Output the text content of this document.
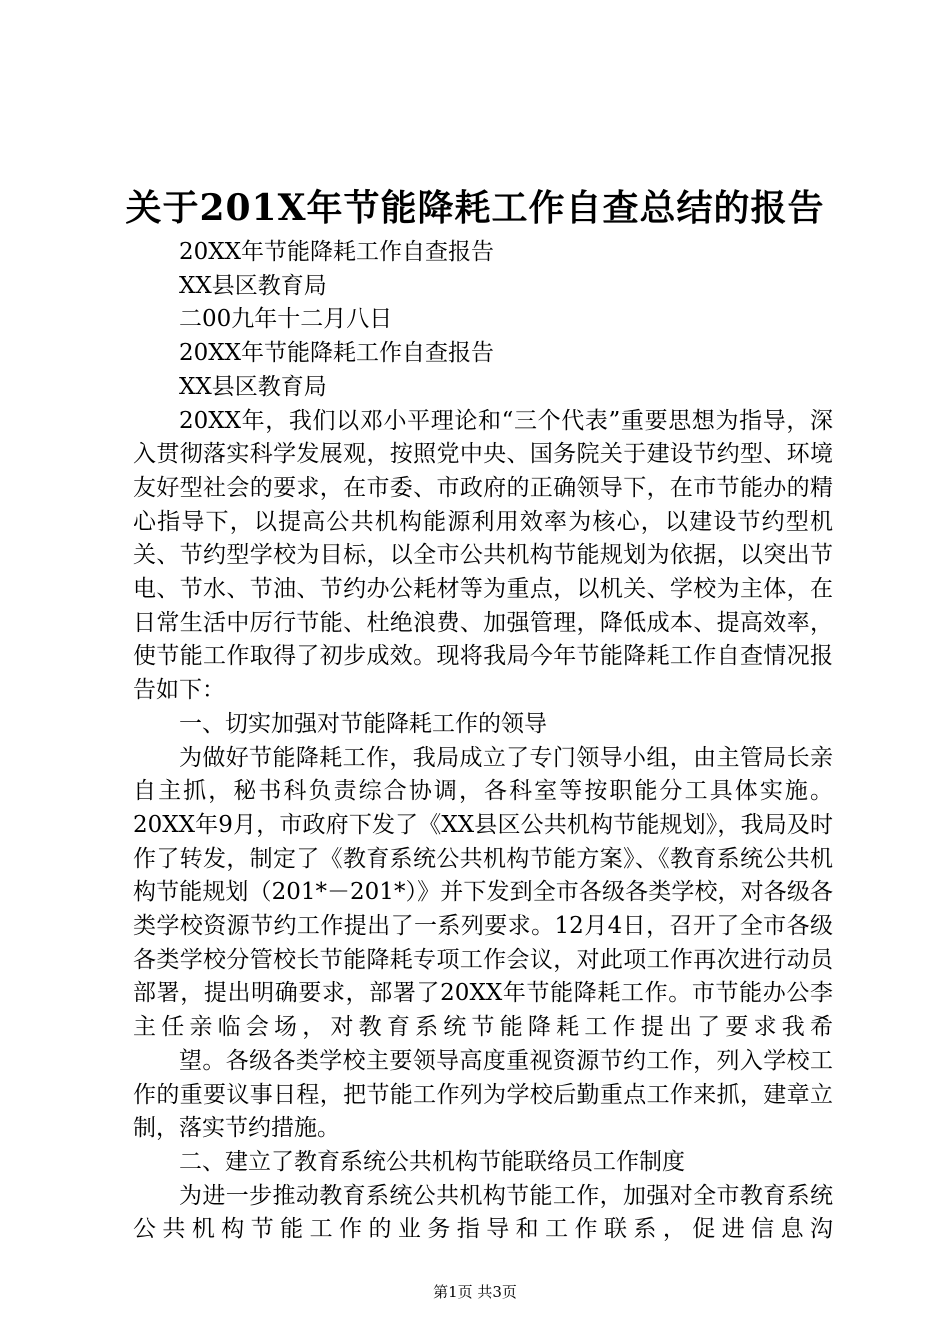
关于201X年节能降耗工作自查总结的报告

20XX年节能降耗工作自查报告

XX县区教育局

二00九年十二月八日

20XX年节能降耗工作自查报告

XX县区教育局

20XX年，我们以邓小平理论和“三个代表”重要思想为指导，深入贯彻落实科学发展观，按照党中央、国务院关于建设节约型、环境友好型社会的要求，在市委、市政府的正确领导下，在市节能办的精心指导下，以提高公共机构能源利用效率为核心，以建设节约型机关、节约型学校为目标，以全市公共机构节能规划为依据，以突出节电、节水、节油、节约办公耗材等为重点，以机关、学校为主体，在日常生活中厉行节能、杜绝浪费、加强管理，降低成本、提高效率，使节能工作取得了初步成效。现将我局今年节能降耗工作自查情况报告如下：

一、切实加强对节能降耗工作的领导

为做好节能降耗工作，我局成立了专门领导小组，由主管局长亲自主抓，秘书科负责综合协调，各科室等按职能分工具体实施。20XX年9月，市政府下发了《XX县区公共机构节能规划》，我局及时作了转发，制定了《教育系统公共机构节能方案》、《教育系统公共机构节能规划（201*－201*）》并下发到全市各级各类学校，对各级各类学校资源节约工作提出了一系列要求。12月4日，召开了全市各级各类学校分管校长节能降耗专项工作会议，对此项工作再次进行动员部署，提出明确要求，部署了20XX年节能降耗工作。市节能办公李主任亲临会场，对教育系统节能降耗工作提出了要求我希

望。各级各类学校主要领导高度重视资源节约工作，列入学校工作的重要议事日程，把节能工作列为学校后勤重点工作来抓，建章立制，落实节约措施。

二、建立了教育系统公共机构节能联络员工作制度

为进一步推动教育系统公共机构节能工作，加强对全市教育系统公共机构节能工作的业务指导和工作联系，促进信息沟

第1页 共3页
